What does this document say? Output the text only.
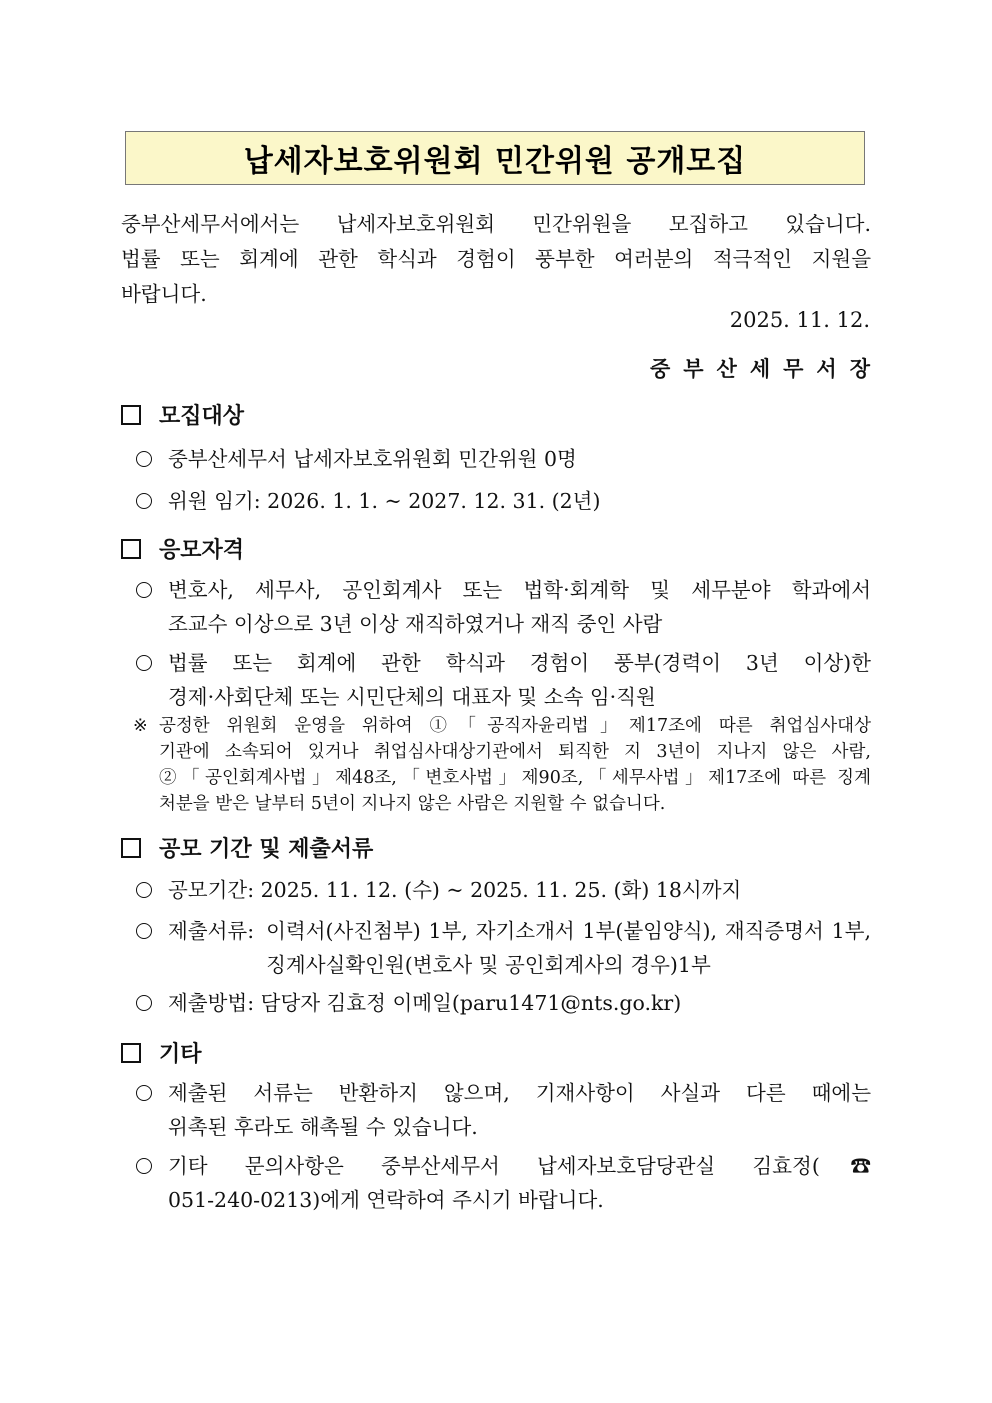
납세자보호위원회 민간위원 공개모집
중부산세무서에서는 납세자보호위원회 민간위원을 모집하고 있습니다.
법률 또는 회계에 관한 학식과 경험이 풍부한 여러분의 적극적인 지원을
바랍니다.
2025. 11. 12.
중부산세무서장
모집대상
중부산세무서 납세자보호위원회 민간위원 0명
위원 임기: 2026. 1. 1. ~ 2027. 12. 31. (2년)
응모자격
변호사, 세무사, 공인회계사 또는 법학·회계학 및 세무분야 학과에서
조교수 이상으로 3년 이상 재직하였거나 재직 중인 사람
법률 또는 회계에 관한 학식과 경험이 풍부(경력이 3년 이상)한
경제·사회단체 또는 시민단체의 대표자 및 소속 임·직원
※ 공정한 위원회 운영을 위하여 ①「공직자윤리법」제17조에 따른 취업심사대상
기관에 소속되어 있거나 취업심사대상기관에서 퇴직한 지 3년이 지나지 않은 사람,
②「공인회계사법」제48조,「변호사법」제90조,「세무사법」제17조에 따른 징계
처분을 받은 날부터 5년이 지나지 않은 사람은 지원할 수 없습니다.
공모 기간 및 제출서류
공모기간: 2025. 11. 12. (수) ~ 2025. 11. 25. (화) 18시까지
제출서류: 이력서(사진첨부) 1부, 자기소개서 1부(붙임양식), 재직증명서 1부,
징계사실확인원(변호사 및 공인회계사의 경우)1부
제출방법: 담당자 김효정 이메일(paru1471@nts.go.kr)
기타
제출된 서류는 반환하지 않으며, 기재사항이 사실과 다른 때에는
위촉된 후라도 해촉될 수 있습니다.
기타 문의사항은 중부산세무서 납세자보호담당관실 김효정(☎
051-240-0213)에게 연락하여 주시기 바랍니다.
